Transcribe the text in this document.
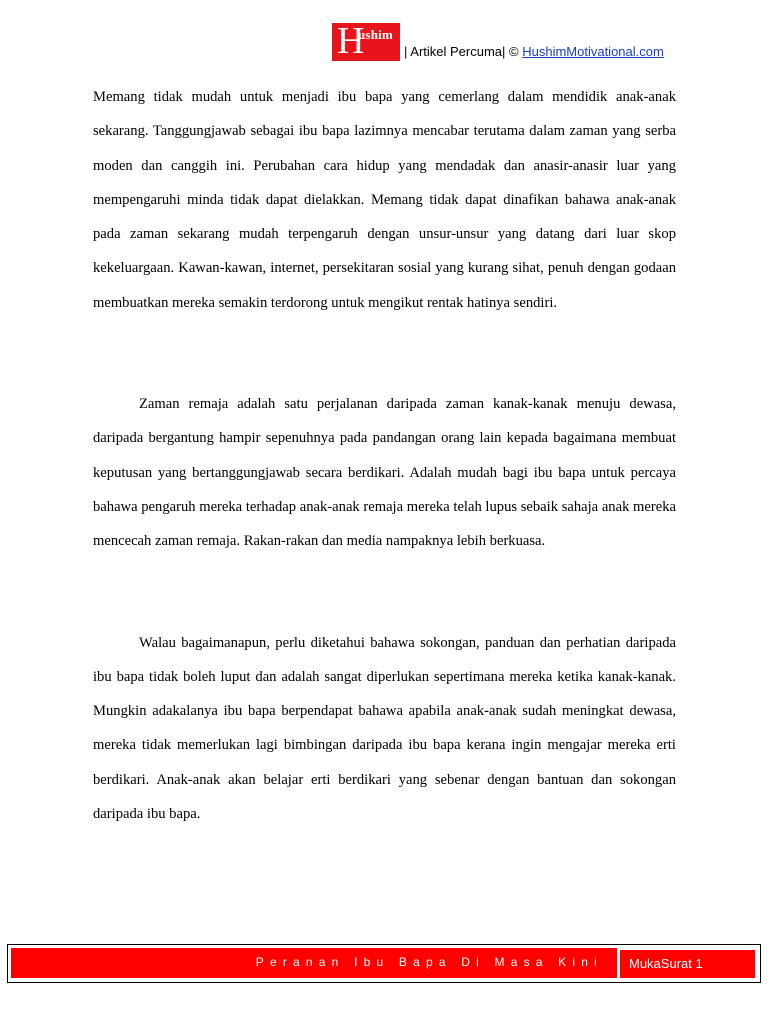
H
ushim
| Artikel Percuma| © HushimMotivational.com

Memang tidak mudah untuk menjadi ibu bapa yang cemerlang dalam mendidik anak-anak sekarang. Tanggungjawab sebagai ibu bapa lazimnya mencabar terutama dalam zaman yang serba moden dan canggih ini. Perubahan cara hidup yang mendadak dan anasir-anasir luar yang mempengaruhi minda tidak dapat dielakkan. Memang tidak dapat dinafikan bahawa anak-anak pada zaman sekarang mudah terpengaruh dengan unsur-unsur yang datang dari luar skop kekeluargaan. Kawan-kawan, internet, persekitaran sosial yang kurang sihat, penuh dengan godaan membuatkan mereka semakin terdorong untuk mengikut rentak hatinya sendiri.

Zaman remaja adalah satu perjalanan daripada zaman kanak-kanak menuju dewasa, daripada bergantung hampir sepenuhnya pada pandangan orang lain kepada bagaimana membuat keputusan yang bertanggungjawab secara berdikari. Adalah mudah bagi ibu bapa untuk percaya bahawa pengaruh mereka terhadap anak-anak remaja mereka telah lupus sebaik sahaja anak mereka mencecah zaman remaja. Rakan-rakan dan media nampaknya lebih berkuasa.

Walau bagaimanapun, perlu diketahui bahawa sokongan, panduan dan perhatian daripada ibu bapa tidak boleh luput dan adalah sangat diperlukan sepertimana mereka ketika kanak-kanak. Mungkin adakalanya ibu bapa berpendapat bahawa apabila anak-anak sudah meningkat dewasa, mereka tidak memerlukan lagi bimbingan daripada ibu bapa kerana ingin mengajar mereka erti berdikari. Anak-anak akan belajar erti berdikari yang sebenar dengan bantuan dan sokongan daripada ibu bapa.

Peranan Ibu Bapa Di Masa Kini MukaSurat 1
